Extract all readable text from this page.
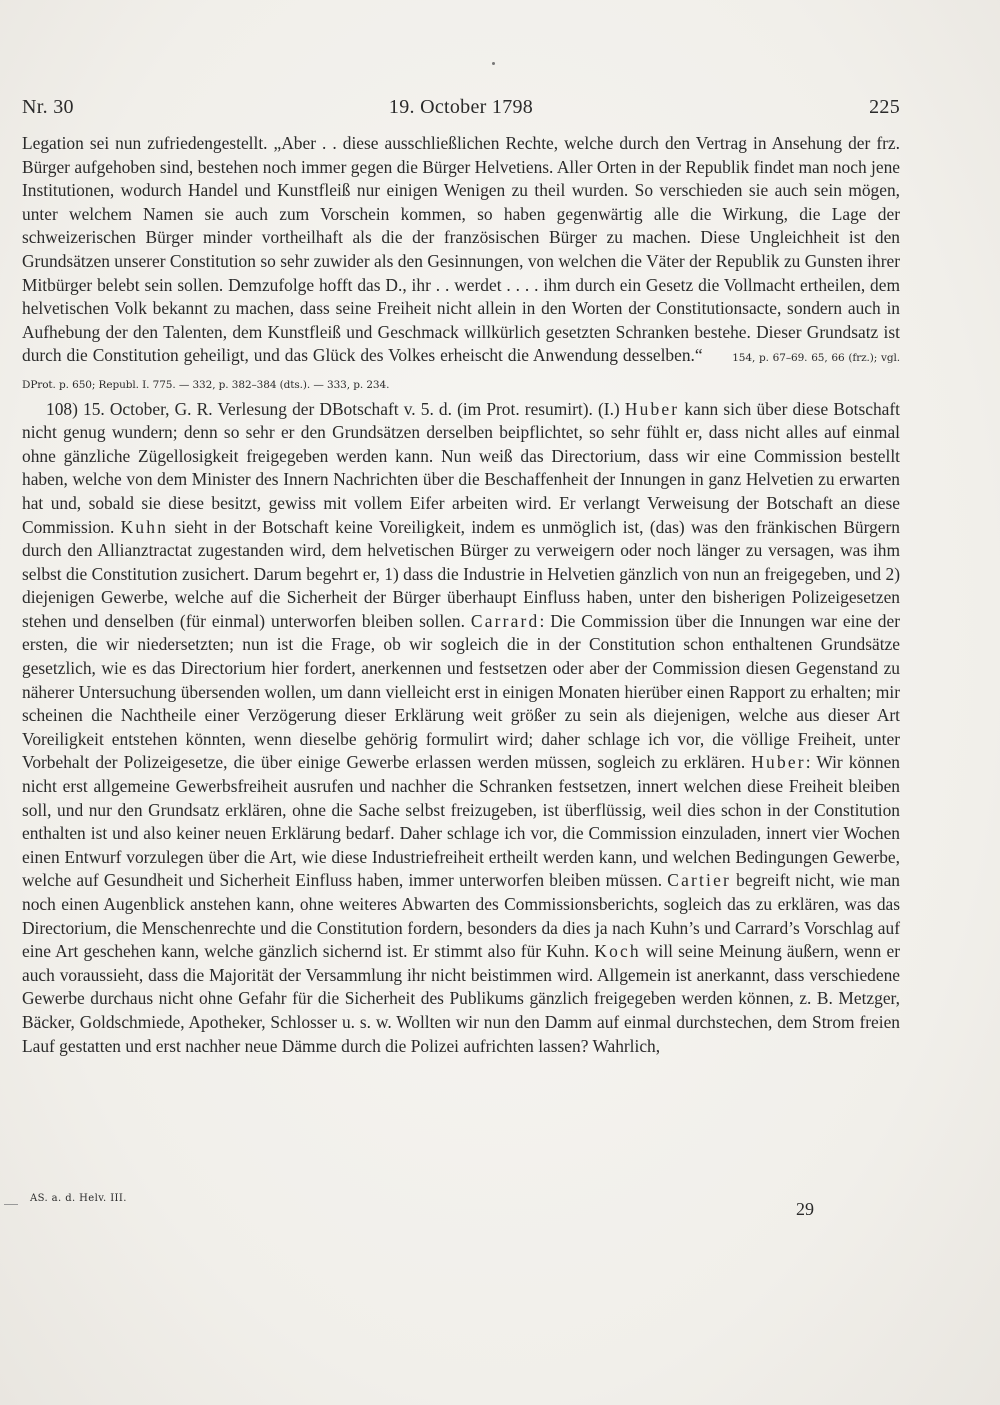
Nr. 30	19. October 1798	225

Legation sei nun zufriedengestellt. „Aber . . diese ausschließlichen Rechte, welche durch den Vertrag in Ansehung der frz. Bürger aufgehoben sind, bestehen noch immer gegen die Bürger Helvetiens. Aller Orten in der Republik findet man noch jene Institutionen, wodurch Handel und Kunstfleiß nur einigen Wenigen zu theil wurden. So verschieden sie auch sein mögen, unter welchem Namen sie auch zum Vorschein kommen, so haben gegenwärtig alle die Wirkung, die Lage der schweizerischen Bürger minder vortheilhaft als die der französischen Bürger zu machen. Diese Ungleichheit ist den Grundsätzen unserer Constitution so sehr zuwider als den Gesinnungen, von welchen die Väter der Republik zu Gunsten ihrer Mitbürger belebt sein sollen. Demzufolge hofft das D., ihr . . werdet . . . . ihm durch ein Gesetz die Vollmacht ertheilen, dem helvetischen Volk bekannt zu machen, dass seine Freiheit nicht allein in den Worten der Constitutionsacte, sondern auch in Aufhebung der den Talenten, dem Kunstfleiß und Geschmack willkürlich gesetzten Schranken bestehe. Dieser Grundsatz ist durch die Constitution geheiligt, und das Glück des Volkes erheischt die Anwendung desselben.“	154, p. 67–69. 65, 66 (frz.); vgl. DProt. p. 650; Republ. I. 775. — 332, p. 382–384 (dts.). — 333, p. 234.

108) 15. October, G. R. Verlesung der DBotschaft v. 5. d. (im Prot. resumirt). (I.) Huber kann sich über diese Botschaft nicht genug wundern; denn so sehr er den Grundsätzen derselben beipflichtet, so sehr fühlt er, dass nicht alles auf einmal ohne gänzliche Zügellosigkeit freigegeben werden kann. Nun weiß das Directorium, dass wir eine Commission bestellt haben, welche von dem Minister des Innern Nachrichten über die Beschaffenheit der Innungen in ganz Helvetien zu erwarten hat und, sobald sie diese besitzt, gewiss mit vollem Eifer arbeiten wird. Er verlangt Verweisung der Botschaft an diese Commission. Kuhn sieht in der Botschaft keine Voreiligkeit, indem es unmöglich ist, (das) was den fränkischen Bürgern durch den Allianztractat zugestanden wird, dem helvetischen Bürger zu verweigern oder noch länger zu versagen, was ihm selbst die Constitution zusichert. Darum begehrt er, 1) dass die Industrie in Helvetien gänzlich von nun an freigegeben, und 2) diejenigen Gewerbe, welche auf die Sicherheit der Bürger überhaupt Einfluss haben, unter den bisherigen Polizeigesetzen stehen und denselben (für einmal) unterworfen bleiben sollen. Carrard: Die Commission über die Innungen war eine der ersten, die wir niedersetzten; nun ist die Frage, ob wir sogleich die in der Constitution schon enthaltenen Grundsätze gesetzlich, wie es das Directorium hier fordert, anerkennen und festsetzen oder aber der Commission diesen Gegenstand zu näherer Untersuchung übersenden wollen, um dann vielleicht erst in einigen Monaten hierüber einen Rapport zu erhalten; mir scheinen die Nachtheile einer Verzögerung dieser Erklärung weit größer zu sein als diejenigen, welche aus dieser Art Voreiligkeit entstehen könnten, wenn dieselbe gehörig formulirt wird; daher schlage ich vor, die völlige Freiheit, unter Vorbehalt der Polizeigesetze, die über einige Gewerbe erlassen werden müssen, sogleich zu erklären. Huber: Wir können nicht erst allgemeine Gewerbsfreiheit ausrufen und nachher die Schranken festsetzen, innert welchen diese Freiheit bleiben soll, und nur den Grundsatz erklären, ohne die Sache selbst freizugeben, ist überflüssig, weil dies schon in der Constitution enthalten ist und also keiner neuen Erklärung bedarf. Daher schlage ich vor, die Commission einzuladen, innert vier Wochen einen Entwurf vorzulegen über die Art, wie diese Industriefreiheit ertheilt werden kann, und welchen Bedingungen Gewerbe, welche auf Gesundheit und Sicherheit Einfluss haben, immer unterworfen bleiben müssen. Cartier begreift nicht, wie man noch einen Augenblick anstehen kann, ohne weiteres Abwarten des Commissionsberichts, sogleich das zu erklären, was das Directorium, die Menschenrechte und die Constitution fordern, besonders da dies ja nach Kuhn’s und Carrard’s Vorschlag auf eine Art geschehen kann, welche gänzlich sichernd ist. Er stimmt also für Kuhn. Koch will seine Meinung äußern, wenn er auch voraussieht, dass die Majorität der Versammlung ihr nicht beistimmen wird. Allgemein ist anerkannt, dass verschiedene Gewerbe durchaus nicht ohne Gefahr für die Sicherheit des Publikums gänzlich freigegeben werden können, z. B. Metzger, Bäcker, Goldschmiede, Apotheker, Schlosser u. s. w. Wollten wir nun den Damm auf einmal durchstechen, dem Strom freien Lauf gestatten und erst nachher neue Dämme durch die Polizei aufrichten lassen? Wahrlich,

AS. a. d. Helv. III.
29
